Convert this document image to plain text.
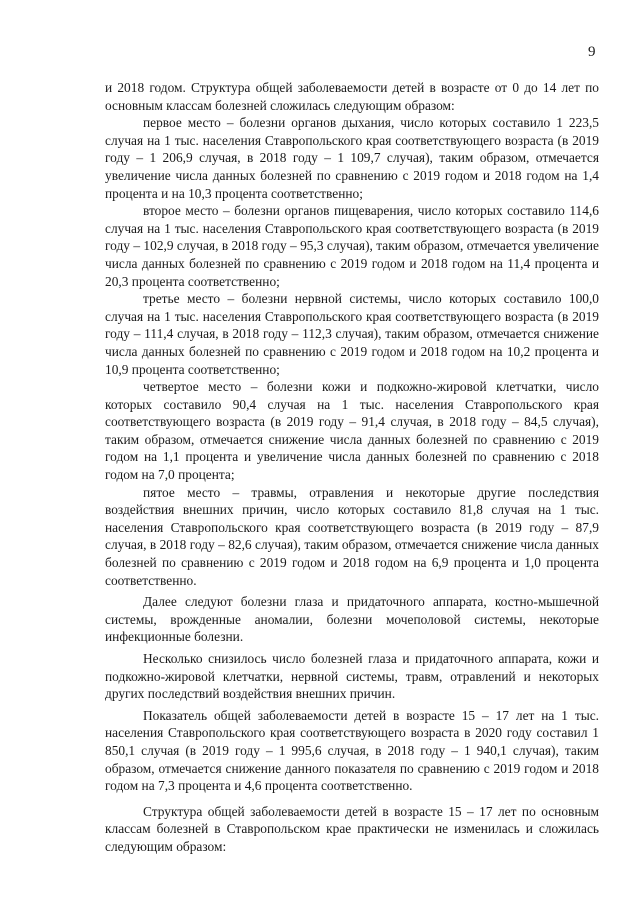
9

и 2018 годом. Структура общей заболеваемости детей в возрасте от 0 до 14 лет по основным классам болезней сложилась следующим образом:

первое место – болезни органов дыхания, число которых составило 1 223,5 случая на 1 тыс. населения Ставропольского края соответствующего возраста (в 2019 году – 1 206,9 случая, в 2018 году – 1 109,7 случая), таким образом, отмечается увеличение числа данных болезней по сравнению с 2019 годом и 2018 годом на 1,4 процента и на 10,3 процента соответственно;

второе место – болезни органов пищеварения, число которых составило 114,6 случая на 1 тыс. населения Ставропольского края соответствующего возраста (в 2019 году – 102,9 случая, в 2018 году – 95,3 случая), таким образом, отмечается увеличение числа данных болезней по сравнению с 2019 годом и 2018 годом на 11,4 процента и 20,3 процента соответственно;

третье место – болезни нервной системы, число которых составило 100,0 случая на 1 тыс. населения Ставропольского края соответствующего возраста (в 2019 году – 111,4 случая, в 2018 году – 112,3 случая), таким образом, отмечается снижение числа данных болезней по сравнению с 2019 годом и 2018 годом на 10,2 процента и 10,9 процента соответственно;

четвертое место – болезни кожи и подкожно-жировой клетчатки, число которых составило 90,4 случая на 1 тыс. населения Ставропольского края соответствующего возраста (в 2019 году – 91,4 случая, в 2018 году – 84,5 случая), таким образом, отмечается снижение числа данных болезней по сравнению с 2019 годом на 1,1 процента и увеличение числа данных болезней по сравнению с 2018 годом на 7,0 процента;

пятое место – травмы, отравления и некоторые другие последствия воздействия внешних причин, число которых составило 81,8 случая на 1 тыс. населения Ставропольского края соответствующего возраста (в 2019 году – 87,9 случая, в 2018 году – 82,6 случая), таким образом, отмечается снижение числа данных болезней по сравнению с 2019 годом и 2018 годом на 6,9 процента и 1,0 процента соответственно.

Далее следуют болезни глаза и придаточного аппарата, костно-мышечной системы, врожденные аномалии, болезни мочеполовой системы, некоторые инфекционные болезни.

Несколько снизилось число болезней глаза и придаточного аппарата, кожи и подкожно-жировой клетчатки, нервной системы, травм, отравлений и некоторых других последствий воздействия внешних причин.

Показатель общей заболеваемости детей в возрасте 15 – 17 лет на 1 тыс. населения Ставропольского края соответствующего возраста в 2020 году составил 1 850,1 случая (в 2019 году – 1 995,6 случая, в 2018 году – 1 940,1 случая), таким образом, отмечается снижение данного показателя по сравнению с 2019 годом и 2018 годом на 7,3 процента и 4,6 процента соответственно.

Структура общей заболеваемости детей в возрасте 15 – 17 лет по основным классам болезней в Ставропольском крае практически не изменилась и сложилась следующим образом:
